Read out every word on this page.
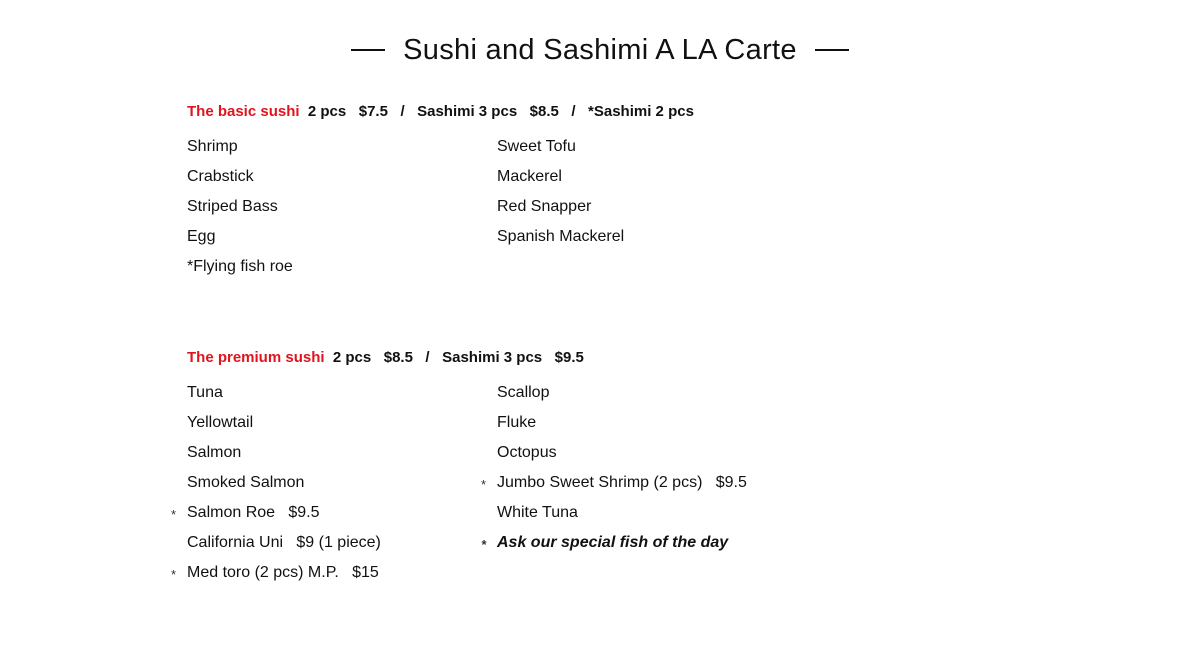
Sushi and Sashimi A LA Carte
The basic sushi  2 pcs   $7.5   /   Sashimi 3 pcs   $8.5   /   *Sashimi 2 pcs
Shrimp
Crabstick
Striped Bass
Egg
*Flying fish roe
Sweet Tofu
Mackerel
Red Snapper
Spanish Mackerel
The premium sushi  2 pcs   $8.5   /   Sashimi 3 pcs   $9.5
Tuna
Yellowtail
Salmon
Smoked Salmon
* Salmon Roe   $9.5
California Uni   $9 (1 piece)
* Med toro (2 pcs) M.P.   $15
Scallop
Fluke
Octopus
* Jumbo Sweet Shrimp (2 pcs)   $9.5
White Tuna
* Ask our special fish of the day
